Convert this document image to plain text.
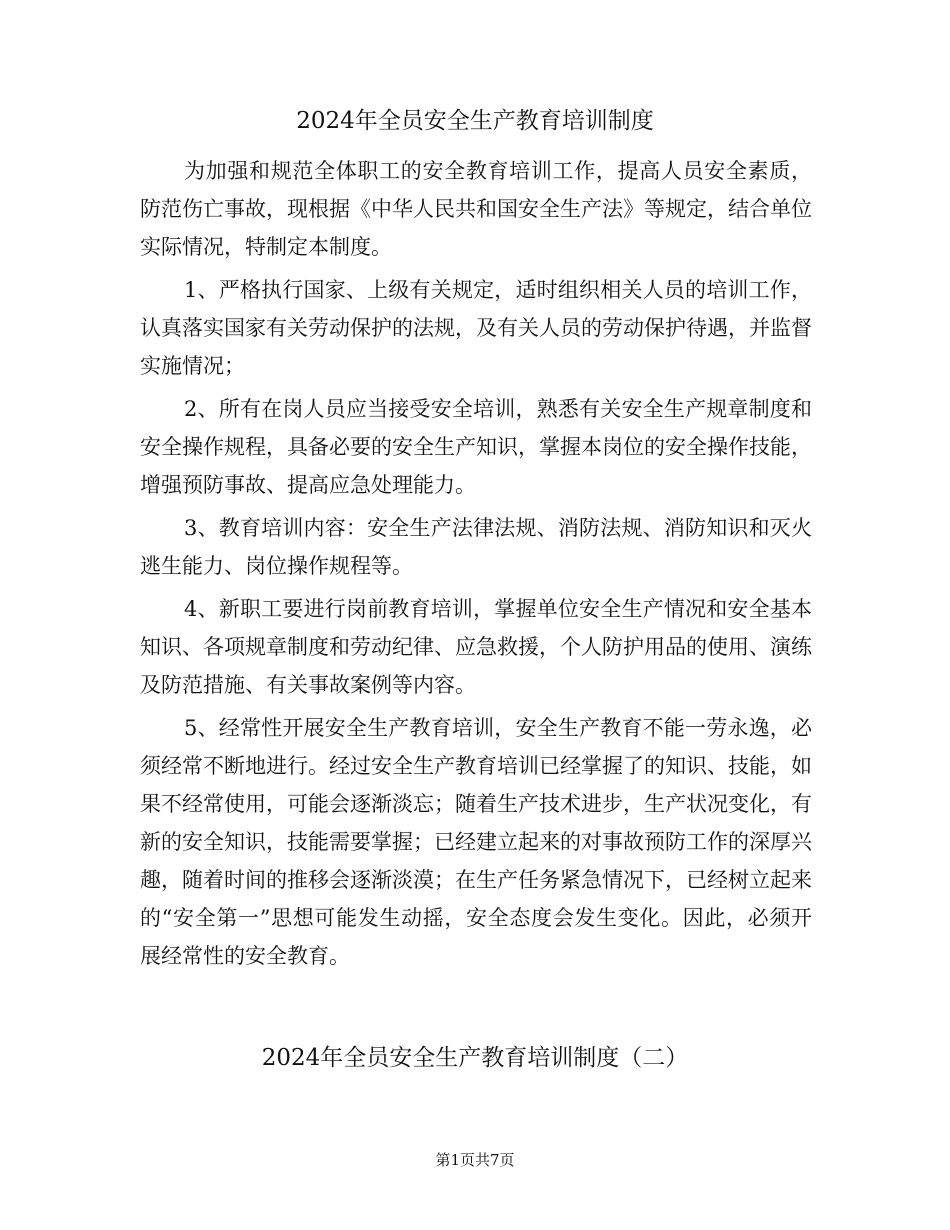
2024年全员安全生产教育培训制度

为加强和规范全体职工的安全教育培训工作，提高人员安全素质，防范伤亡事故，现根据《中华人民共和国安全生产法》等规定，结合单位实际情况，特制定本制度。

1、严格执行国家、上级有关规定，适时组织相关人员的培训工作，认真落实国家有关劳动保护的法规，及有关人员的劳动保护待遇，并监督实施情况；

2、所有在岗人员应当接受安全培训，熟悉有关安全生产规章制度和安全操作规程，具备必要的安全生产知识，掌握本岗位的安全操作技能，增强预防事故、提高应急处理能力。

3、教育培训内容：安全生产法律法规、消防法规、消防知识和灭火逃生能力、岗位操作规程等。

4、新职工要进行岗前教育培训，掌握单位安全生产情况和安全基本知识、各项规章制度和劳动纪律、应急救援，个人防护用品的使用、演练及防范措施、有关事故案例等内容。

5、经常性开展安全生产教育培训，安全生产教育不能一劳永逸，必须经常不断地进行。经过安全生产教育培训已经掌握了的知识、技能，如果不经常使用，可能会逐渐淡忘；随着生产技术进步，生产状况变化，有新的安全知识，技能需要掌握；已经建立起来的对事故预防工作的深厚兴趣，随着时间的推移会逐渐淡漠；在生产任务紧急情况下，已经树立起来的“安全第一”思想可能发生动摇，安全态度会发生变化。因此，必须开展经常性的安全教育。

2024年全员安全生产教育培训制度（二）
第1页共7页
